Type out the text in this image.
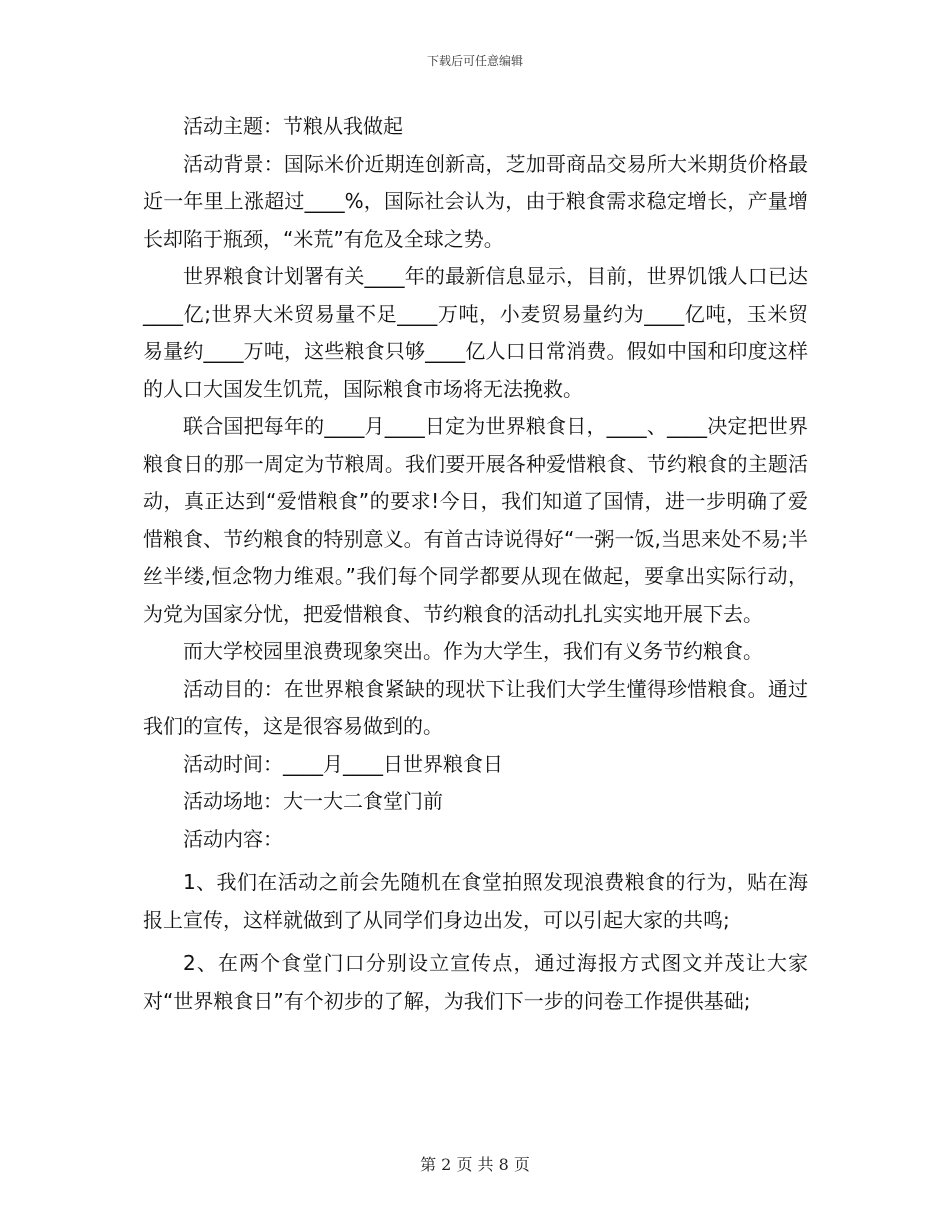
下载后可任意编辑

活动主题：节粮从我做起

活动背景：国际米价近期连创新高，芝加哥商品交易所大米期货价格最近一年里上涨超过____%，国际社会认为，由于粮食需求稳定增长，产量增长却陷于瓶颈，“米荒”有危及全球之势。

世界粮食计划署有关____年的最新信息显示，目前，世界饥饿人口已达____亿;世界大米贸易量不足____万吨，小麦贸易量约为____亿吨，玉米贸易量约____万吨，这些粮食只够____亿人口日常消费。假如中国和印度这样的人口大国发生饥荒，国际粮食市场将无法挽救。

联合国把每年的____月____日定为世界粮食日，____、____决定把世界粮食日的那一周定为节粮周。我们要开展各种爱惜粮食、节约粮食的主题活动，真正达到“爱惜粮食”的要求!今日，我们知道了国情，进一步明确了爱惜粮食、节约粮食的特别意义。有首古诗说得好“一粥一饭,当思来处不易;半丝半缕,恒念物力维艰。”我们每个同学都要从现在做起，要拿出实际行动，为党为国家分忧，把爱惜粮食、节约粮食的活动扎扎实实地开展下去。

而大学校园里浪费现象突出。作为大学生，我们有义务节约粮食。

活动目的：在世界粮食紧缺的现状下让我们大学生懂得珍惜粮食。通过我们的宣传，这是很容易做到的。

活动时间：____月____日世界粮食日

活动场地：大一大二食堂门前

活动内容：

1、我们在活动之前会先随机在食堂拍照发现浪费粮食的行为，贴在海报上宣传，这样就做到了从同学们身边出发，可以引起大家的共鸣;

2、在两个食堂门口分别设立宣传点，通过海报方式图文并茂让大家对“世界粮食日”有个初步的了解，为我们下一步的问卷工作提供基础;

第 2 页 共 8 页
